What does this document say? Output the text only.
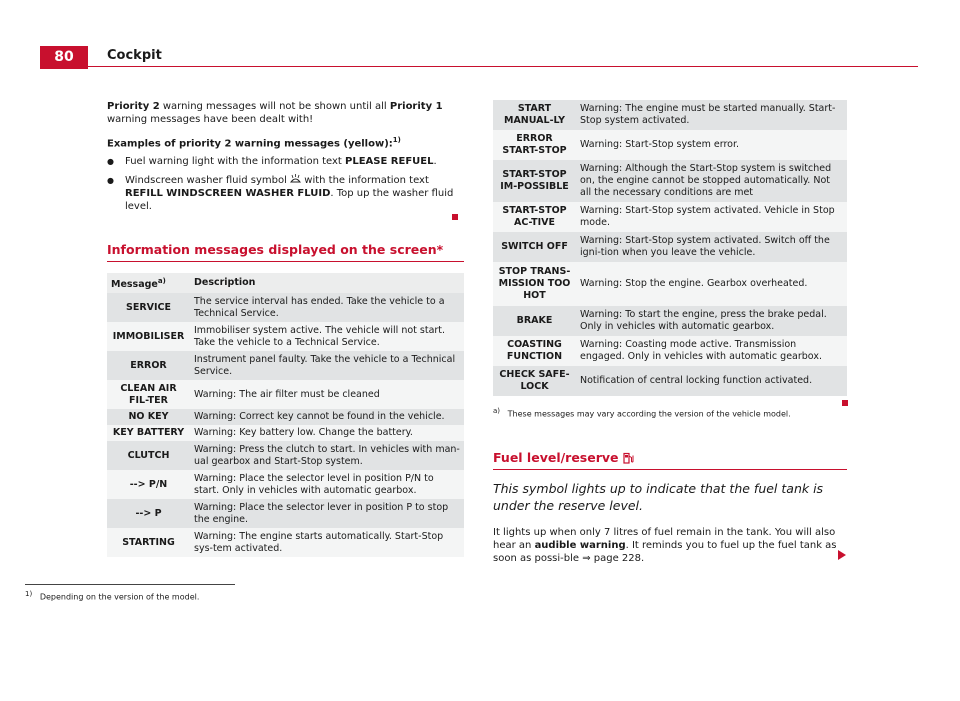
80	Cockpit

Priority 2 warning messages will not be shown until all Priority 1 warning messages have been dealt with!

Examples of priority 2 warning messages (yellow):$^{1)}$

● Fuel warning light with the information text PLEASE REFUEL.
● Windscreen washer fluid symbol  with the information text REFILL WINDSCREEN WASHER FLUID. Top up the washer fluid level.
Information messages displayed on the screen*
Message$^{a)}$	Description
SERVICE	The service interval has ended. Take the vehicle to a Technical Service.
IMMOBILISER	Immobiliser system active. The vehicle will not start. Take the vehicle to a Technical Service.
ERROR	Instrument panel faulty. Take the vehicle to a Technical Service.
CLEAN AIR FIL-TER	Warning: The air filter must be cleaned
NO KEY	Warning: Correct key cannot be found in the vehicle.
KEY BATTERY	Warning: Key battery low. Change the battery.
CLUTCH	Warning: Press the clutch to start. In vehicles with man-ual gearbox and Start-Stop system.
--> P/N	Warning: Place the selector level in position P/N to start. Only in vehicles with automatic gearbox.
--> P	Warning: Place the selector lever in position P to stop the engine.
STARTING	Warning: The engine starts automatically. Start-Stop sys-tem activated.
START MANUAL-LY	Warning: The engine must be started manually. Start-Stop system activated.
ERROR START-STOP	Warning: Start-Stop system error.
START-STOP IM-POSSIBLE	Warning: Although the Start-Stop system is switched on, the engine cannot be stopped automatically. Not all the necessary conditions are met
START-STOP AC-TIVE	Warning: Start-Stop system activated. Vehicle in Stop mode.
SWITCH OFF	Warning: Start-Stop system activated. Switch off the igni-tion when you leave the vehicle.
STOP TRANS-MISSION TOO HOT	Warning: Stop the engine. Gearbox overheated.
BRAKE	Warning: To start the engine, press the brake pedal. Only in vehicles with automatic gearbox.
COASTING FUNCTION	Warning: Coasting mode active. Transmission engaged. Only in vehicles with automatic gearbox.
CHECK SAFE-LOCK	Notification of central locking function activated.
$^{a)}$ These messages may vary according the version of the vehicle model.
Fuel level/reserve

This symbol lights up to indicate that the fuel tank is under the reserve level.

It lights up when only 7 litres of fuel remain in the tank. You will also hear an audible warning. It reminds you to fuel up the fuel tank as soon as possi-ble ⇒ page 228.

$^{1)}$ Depending on the version of the model.
